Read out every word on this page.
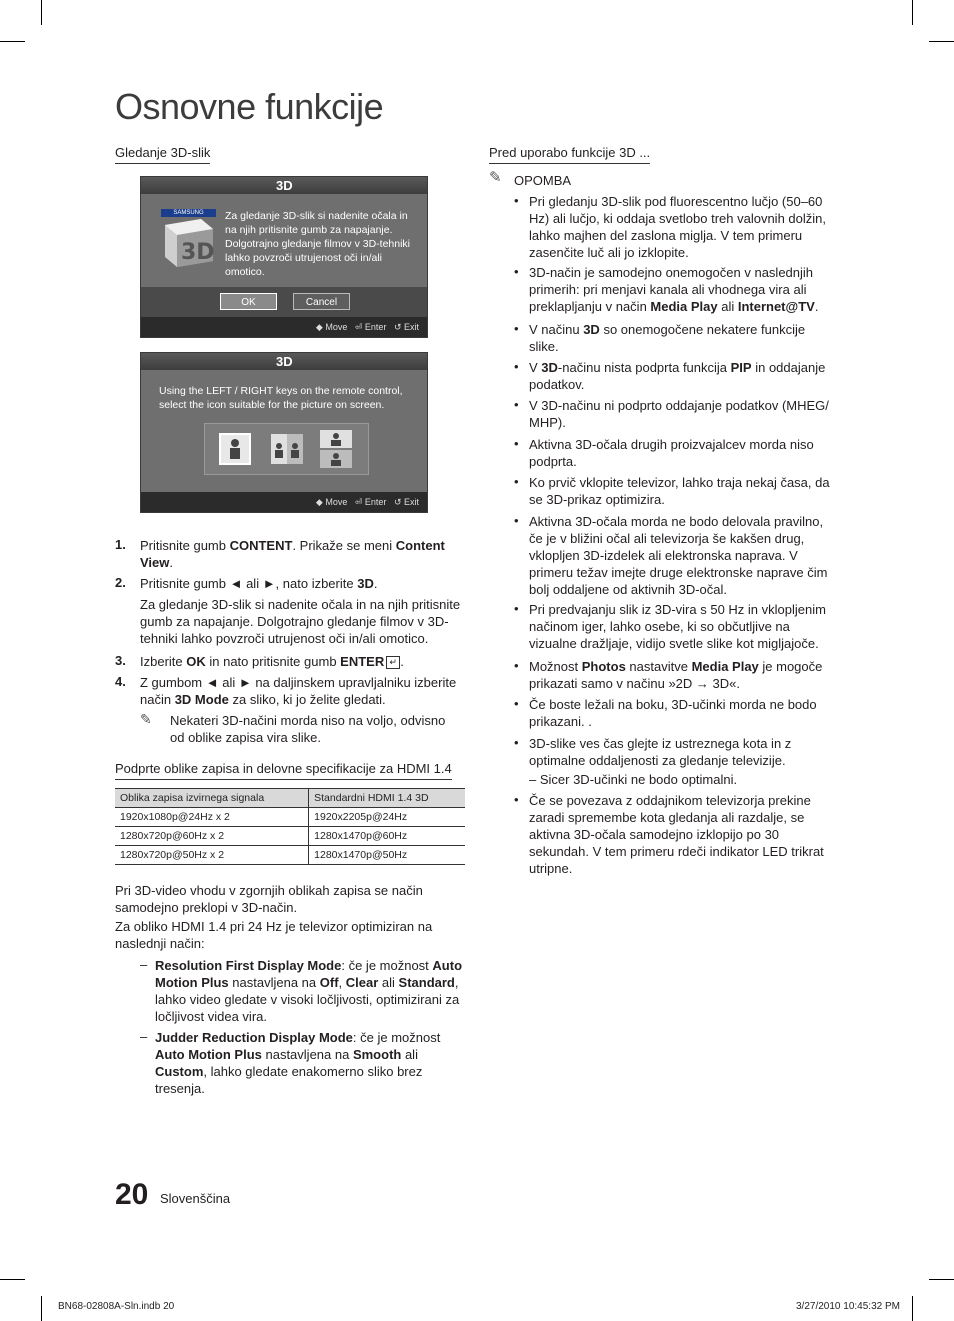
Osnovne funkcije
Gledanje 3D-slik
3D
SAMSUNG
3D
Za gledanje 3D-slik si nadenite očala in na njih pritisnite gumb za napajanje. Dolgotrajno gledanje filmov v 3D-tehniki lahko povzroči utrujenost oči in/ali omotico.
OK	Cancel
◆ Move ⏎ Enter ↺ Exit
3D
Using the LEFT / RIGHT keys on the remote control, select the icon suitable for the picture on screen.
◆ Move ⏎ Enter ↺ Exit
1. Pritisnite gumb CONTENT. Prikaže se meni Content View.
2. Pritisnite gumb ◄ ali ►, nato izberite 3D.
Za gledanje 3D-slik si nadenite očala in na njih pritisnite gumb za napajanje. Dolgotrajno gledanje filmov v 3D-tehniki lahko povzroči utrujenost oči in/ali omotico.
3. Izberite OK in nato pritisnite gumb ENTER ↵ .
4. Z gumbom ◄ ali ► na daljinskem upravljalniku izberite način 3D Mode za sliko, ki jo želite gledati.
✎ Nekateri 3D-načini morda niso na voljo, odvisno od oblike zapisa vira slike.
Podprte oblike zapisa in delovne specifikacije za HDMI 1.4
Oblika zapisa izvirnega signala	Standardni HDMI 1.4 3D
1920x1080p@24Hz x 2	1920x2205p@24Hz
1280x720p@60Hz x 2	1280x1470p@60Hz
1280x720p@50Hz x 2	1280x1470p@50Hz
Pri 3D-video vhodu v zgornjih oblikah zapisa se način samodejno preklopi v 3D-način.
Za obliko HDMI 1.4 pri 24 Hz je televizor optimiziran na naslednji način:
– Resolution First Display Mode: če je možnost Auto Motion Plus nastavljena na Off, Clear ali Standard, lahko video gledate v visoki ločljivosti, optimizirani za ločljivost videa vira.
– Judder Reduction Display Mode: če je možnost Auto Motion Plus nastavljena na Smooth ali Custom, lahko gledate enakomerno sliko brez tresenja.
Pred uporabo funkcije 3D ...
✎ OPOMBA
• Pri gledanju 3D-slik pod fluorescentno lučjo (50–60 Hz) ali lučjo, ki oddaja svetlobo treh valovnih dolžin, lahko majhen del zaslona miglja. V tem primeru zasenčite luč ali jo izklopite.
• 3D-način je samodejno onemogočen v naslednjih primerih: pri menjavi kanala ali vhodnega vira ali preklapljanju v način Media Play ali Internet@TV.
• V načinu 3D so onemogočene nekatere funkcije slike.
• V 3D-načinu nista podprta funkcija PIP in oddajanje podatkov.
• V 3D-načinu ni podprto oddajanje podatkov (MHEG/ MHP).
• Aktivna 3D-očala drugih proizvajalcev morda niso podprta.
• Ko prvič vklopite televizor, lahko traja nekaj časa, da se 3D-prikaz optimizira.
• Aktivna 3D-očala morda ne bodo delovala pravilno, če je v bližini očal ali televizorja še kakšen drug, vklopljen 3D-izdelek ali elektronska naprava. V primeru težav imejte druge elektronske naprave čim bolj oddaljene od aktivnih 3D-očal.
• Pri predvajanju slik iz 3D-vira s 50 Hz in vklopljenim načinom iger, lahko osebe, ki so občutljive na vizualne dražljaje, vidijo svetle slike kot migljajoče.
• Možnost Photos nastavitve Media Play je mogoče prikazati samo v načinu »2D → 3D«.
• Če boste ležali na boku, 3D-učinki morda ne bodo prikazani. .
• 3D-slike ves čas glejte iz ustreznega kota in z optimalne oddaljenosti za gledanje televizije.
• Če se povezava z oddajnikom televizorja prekine zaradi spremembe kota gledanja ali razdalje, se aktivna 3D-očala samodejno izklopijo po 30 sekundah. V tem primeru rdeči indikator LED trikrat utripne.
– Sicer 3D-učinki ne bodo optimalni.
20 Slovenščina
BN68-02808A-Sln.indb 20	3/27/2010 10:45:32 PM
